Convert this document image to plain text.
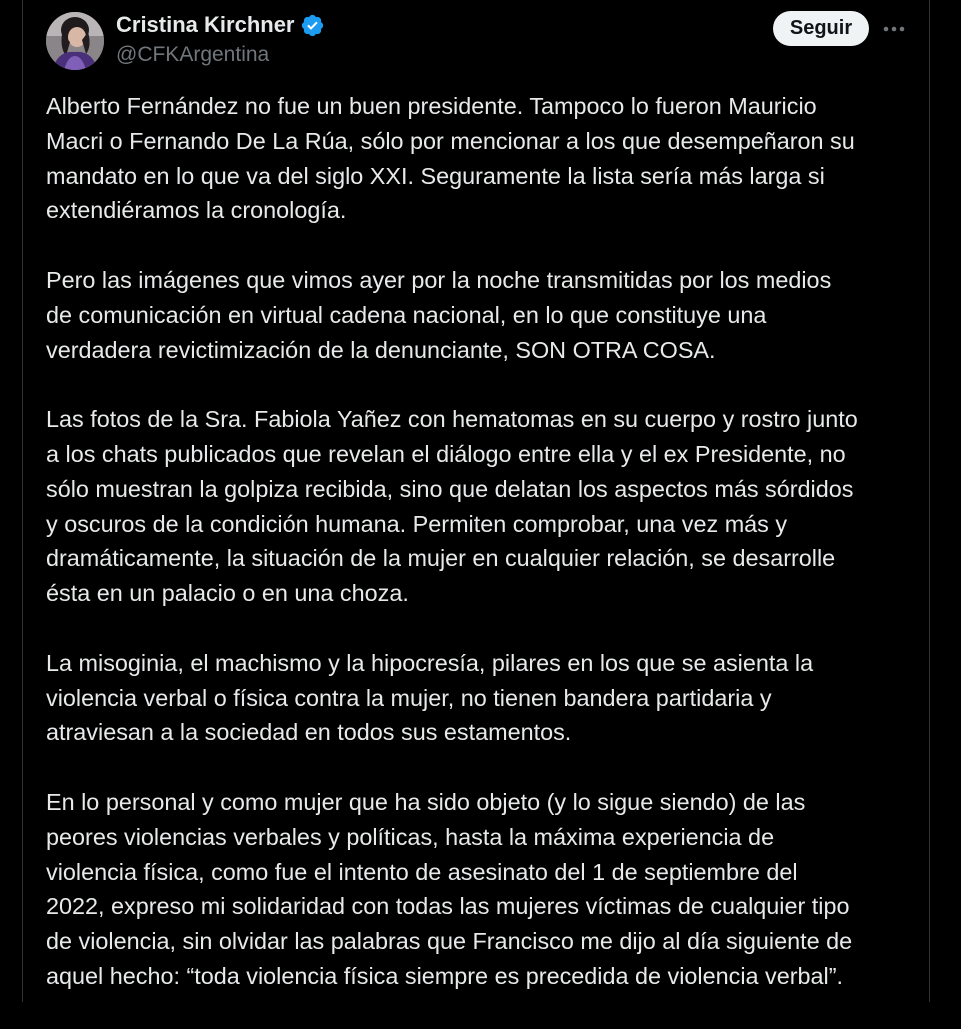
Cristina Kirchner
@CFKArgentina
Seguir

Alberto Fernández no fue un buen presidente. Tampoco lo fueron Mauricio
Macri o Fernando De La Rúa, sólo por mencionar a los que desempeñaron su
mandato en lo que va del siglo XXI. Seguramente la lista sería más larga si
extendiéramos la cronología.

Pero las imágenes que vimos ayer por la noche transmitidas por los medios
de comunicación en virtual cadena nacional, en lo que constituye una
verdadera revictimización de la denunciante, SON OTRA COSA.

Las fotos de la Sra. Fabiola Yañez con hematomas en su cuerpo y rostro junto
a los chats publicados que revelan el diálogo entre ella y el ex Presidente, no
sólo muestran la golpiza recibida, sino que delatan los aspectos más sórdidos
y oscuros de la condición humana. Permiten comprobar, una vez más y
dramáticamente, la situación de la mujer en cualquier relación, se desarrolle
ésta en un palacio o en una choza.

La misoginia, el machismo y la hipocresía, pilares en los que se asienta la
violencia verbal o física contra la mujer, no tienen bandera partidaria y
atraviesan a la sociedad en todos sus estamentos.

En lo personal y como mujer que ha sido objeto (y lo sigue siendo) de las
peores violencias verbales y políticas, hasta la máxima experiencia de
violencia física, como fue el intento de asesinato del 1 de septiembre del
2022, expreso mi solidaridad con todas las mujeres víctimas de cualquier tipo
de violencia, sin olvidar las palabras que Francisco me dijo al día siguiente de
aquel hecho: “toda violencia física siempre es precedida de violencia verbal”.
